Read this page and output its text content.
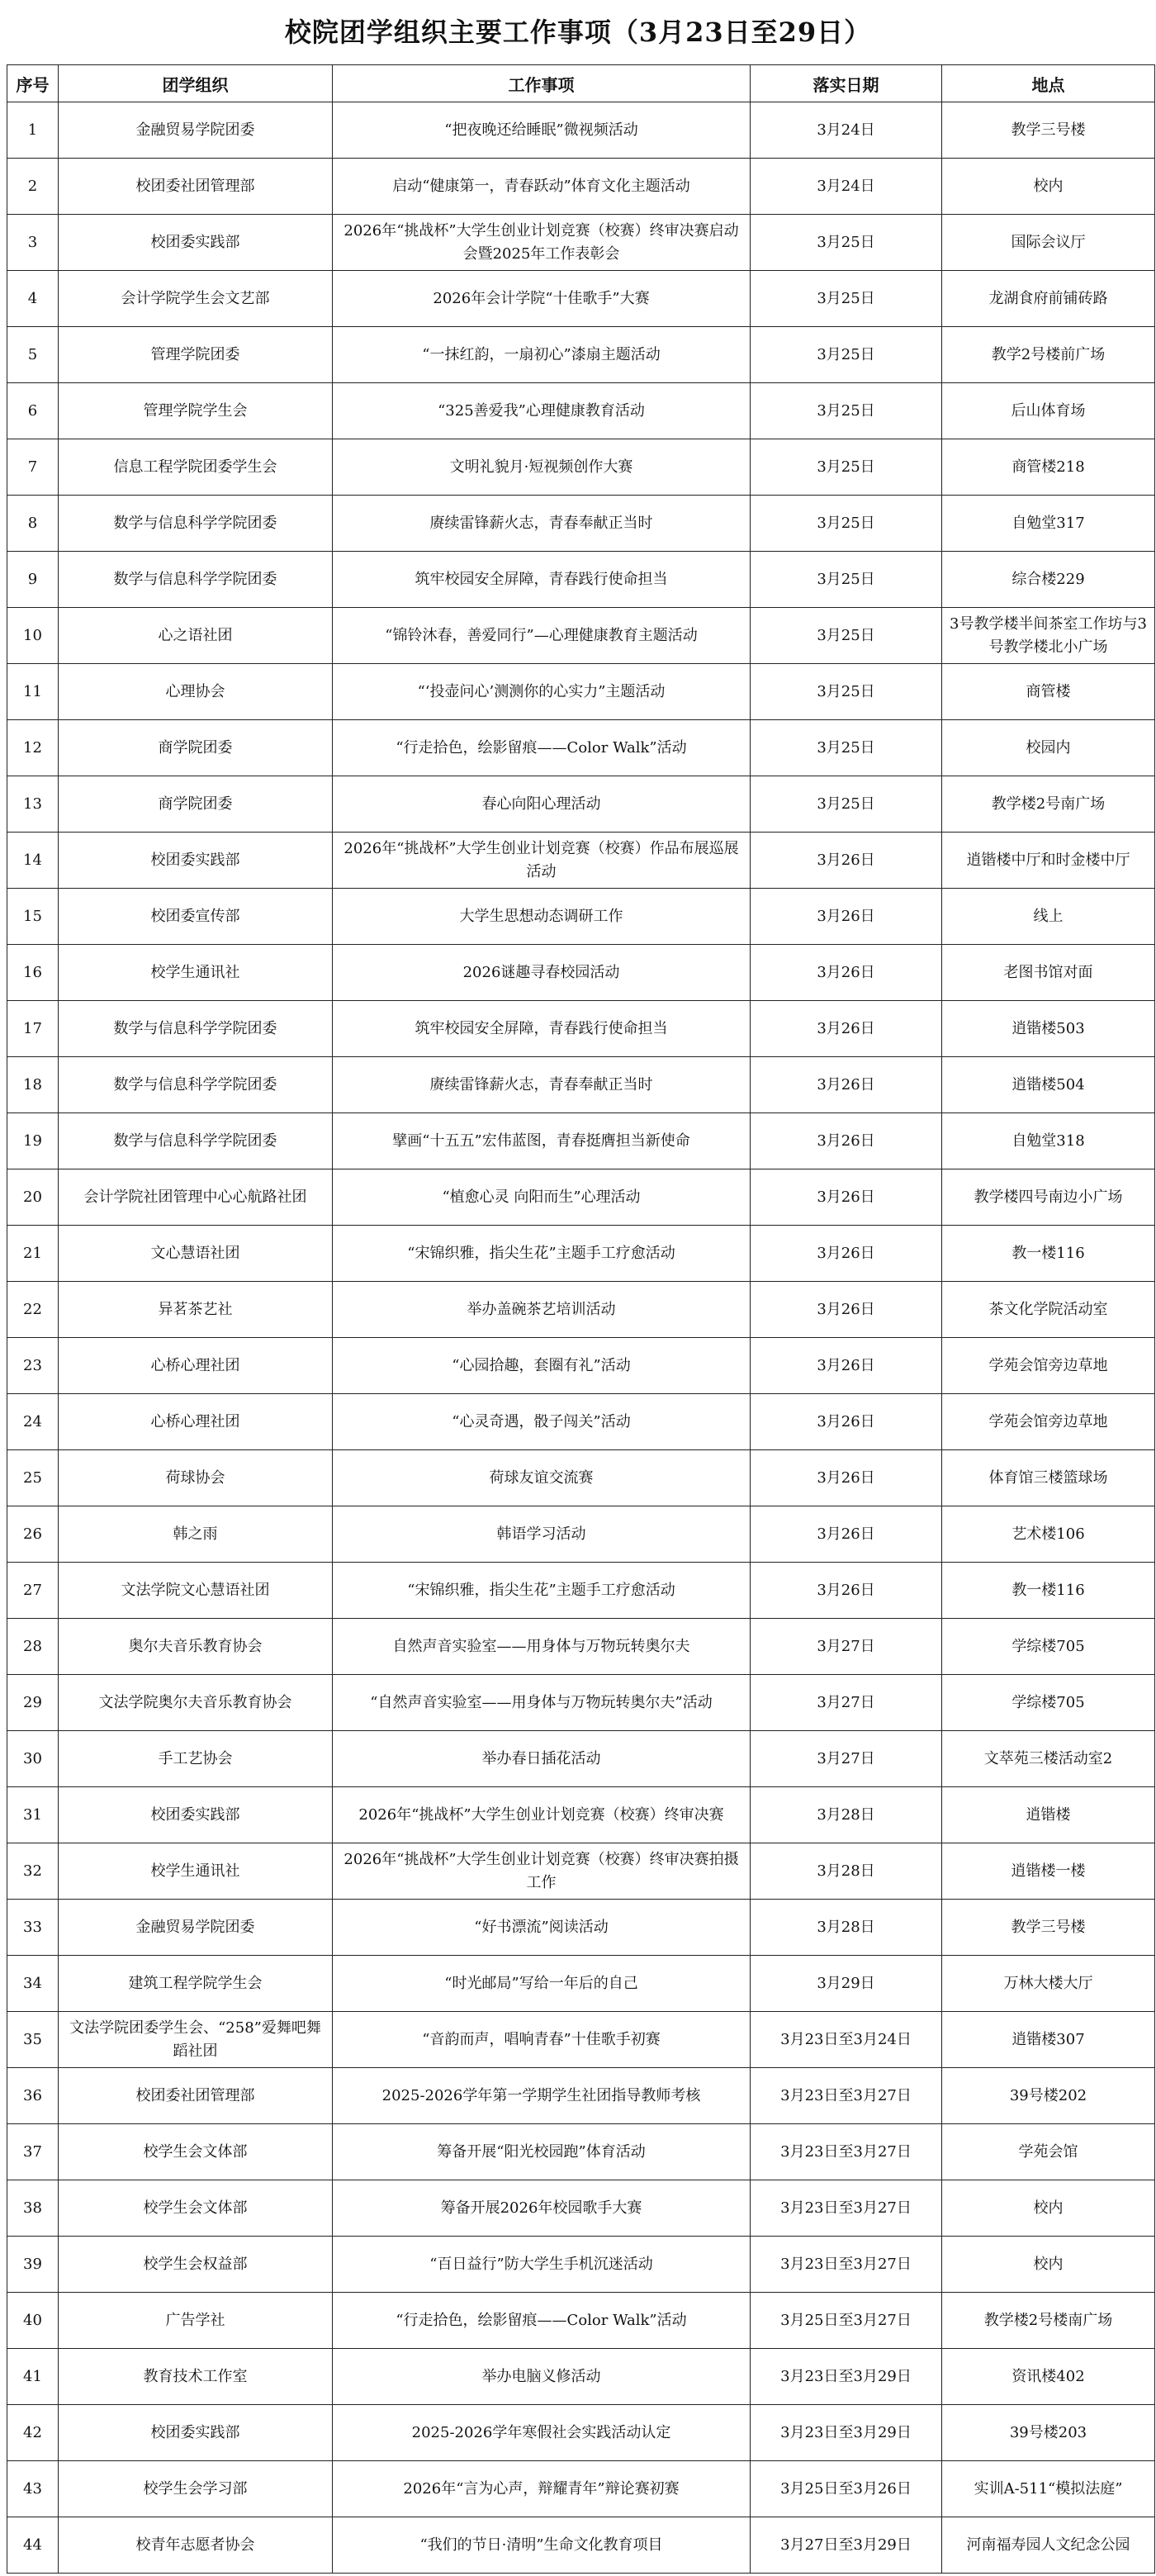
校院团学组织主要工作事项（3月23日至29日）
序号	团学组织	工作事项	落实日期	地点
1	金融贸易学院团委	“把夜晚还给睡眠”微视频活动	3月24日	教学三号楼
2	校团委社团管理部	启动“健康第一，青春跃动”体育文化主题活动	3月24日	校内
3	校团委实践部	2026年“挑战杯”大学生创业计划竞赛（校赛）终审决赛启动会暨2025年工作表彰会	3月25日	国际会议厅
4	会计学院学生会文艺部	2026年会计学院“十佳歌手”大赛	3月25日	龙湖食府前铺砖路
5	管理学院团委	“一抹红韵，一扇初心”漆扇主题活动	3月25日	教学2号楼前广场
6	管理学院学生会	“325善爱我”心理健康教育活动	3月25日	后山体育场
7	信息工程学院团委学生会	文明礼貌月·短视频创作大赛	3月25日	商管楼218
8	数学与信息科学学院团委	赓续雷锋薪火志，青春奉献正当时	3月25日	自勉堂317
9	数学与信息科学学院团委	筑牢校园安全屏障，青春践行使命担当	3月25日	综合楼229
10	心之语社团	“锦铃沐春，善爱同行”—心理健康教育主题活动	3月25日	3号教学楼半间茶室工作坊与3号教学楼北小广场
11	心理协会	“‘投壶问心’测测你的心实力”主题活动	3月25日	商管楼
12	商学院团委	“行走拾色，绘影留痕——Color Walk”活动	3月25日	校园内
13	商学院团委	春心向阳心理活动	3月25日	教学楼2号南广场
14	校团委实践部	2026年“挑战杯”大学生创业计划竞赛（校赛）作品布展巡展活动	3月26日	逍锴楼中厅和时金楼中厅
15	校团委宣传部	大学生思想动态调研工作	3月26日	线上
16	校学生通讯社	2026谜趣寻春校园活动	3月26日	老图书馆对面
17	数学与信息科学学院团委	筑牢校园安全屏障，青春践行使命担当	3月26日	逍锴楼503
18	数学与信息科学学院团委	赓续雷锋薪火志，青春奉献正当时	3月26日	逍锴楼504
19	数学与信息科学学院团委	擘画“十五五”宏伟蓝图，青春挺膺担当新使命	3月26日	自勉堂318
20	会计学院社团管理中心心航路社团	“植愈心灵 向阳而生”心理活动	3月26日	教学楼四号南边小广场
21	文心慧语社团	“宋锦织雅，指尖生花”主题手工疗愈活动	3月26日	教一楼116
22	异茗茶艺社	举办盖碗茶艺培训活动	3月26日	茶文化学院活动室
23	心桥心理社团	“心园拾趣，套圈有礼”活动	3月26日	学苑会馆旁边草地
24	心桥心理社团	“心灵奇遇，骰子闯关”活动	3月26日	学苑会馆旁边草地
25	荷球协会	荷球友谊交流赛	3月26日	体育馆三楼篮球场
26	韩之雨	韩语学习活动	3月26日	艺术楼106
27	文法学院文心慧语社团	“宋锦织雅，指尖生花”主题手工疗愈活动	3月26日	教一楼116
28	奥尔夫音乐教育协会	自然声音实验室——用身体与万物玩转奥尔夫	3月27日	学综楼705
29	文法学院奥尔夫音乐教育协会	“自然声音实验室——用身体与万物玩转奥尔夫”活动	3月27日	学综楼705
30	手工艺协会	举办春日插花活动	3月27日	文萃苑三楼活动室2
31	校团委实践部	2026年“挑战杯”大学生创业计划竞赛（校赛）终审决赛	3月28日	逍锴楼
32	校学生通讯社	2026年“挑战杯”大学生创业计划竞赛（校赛）终审决赛拍摄工作	3月28日	逍锴楼一楼
33	金融贸易学院团委	“好书漂流”阅读活动	3月28日	教学三号楼
34	建筑工程学院学生会	“时光邮局”写给一年后的自己	3月29日	万林大楼大厅
35	文法学院团委学生会、“258”爱舞吧舞蹈社团	“音韵而声，唱响青春”十佳歌手初赛	3月23日至3月24日	逍锴楼307
36	校团委社团管理部	2025-2026学年第一学期学生社团指导教师考核	3月23日至3月27日	39号楼202
37	校学生会文体部	筹备开展“阳光校园跑”体育活动	3月23日至3月27日	学苑会馆
38	校学生会文体部	筹备开展2026年校园歌手大赛	3月23日至3月27日	校内
39	校学生会权益部	“百日益行”防大学生手机沉迷活动	3月23日至3月27日	校内
40	广告学社	“行走拾色，绘影留痕——Color Walk”活动	3月25日至3月27日	教学楼2号楼南广场
41	教育技术工作室	举办电脑义修活动	3月23日至3月29日	资讯楼402
42	校团委实践部	2025-2026学年寒假社会实践活动认定	3月23日至3月29日	39号楼203
43	校学生会学习部	2026年“言为心声，辩耀青年”辩论赛初赛	3月25日至3月26日	实训A-511“模拟法庭”
44	校青年志愿者协会	“我们的节日·清明”生命文化教育项目	3月27日至3月29日	河南福寿园人文纪念公园
